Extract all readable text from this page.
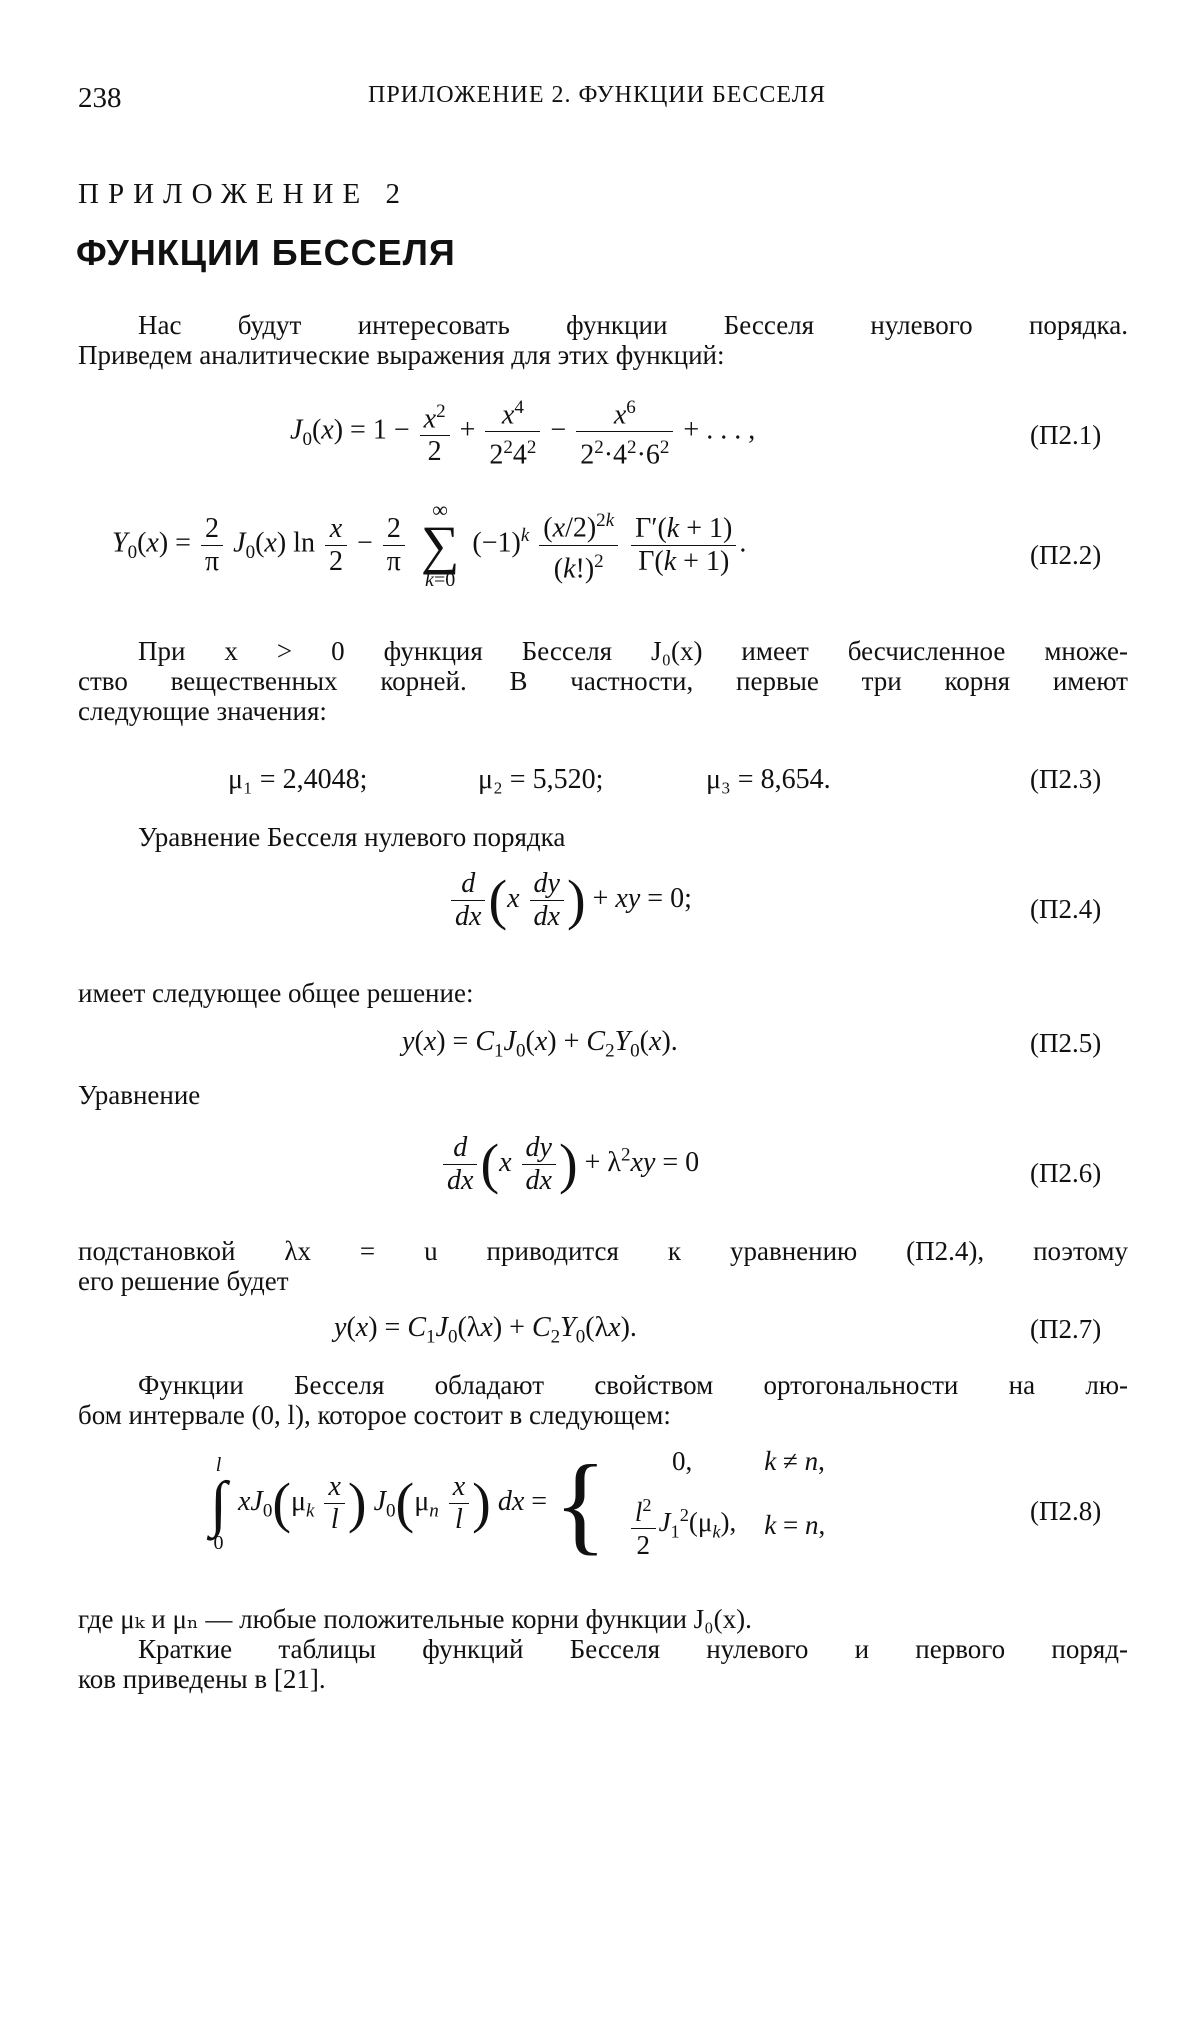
238	ПРИЛОЖЕНИЕ 2. ФУНКЦИИ БЕССЕЛЯ
ПРИЛОЖЕНИЕ 2
ФУНКЦИИ БЕССЕЛЯ
Нас будут интересовать функции Бесселя нулевого порядка.
Приведем аналитические выражения для этих функций:
$J_0(x) = 1 - \frac{x^2}{2} + \frac{x^4}{2^24^2} - \frac{x^6}{2^2\cdot 4^2\cdot 6^2}$ + . . . ,	(П2.1)
$Y_0(x) = \frac{2}{\pi} J_0(x)$ $\ln \frac{x}{2} - \frac{2}{\pi}$

∞
∑
k=0
$(-1)^k \frac{(x/2)^{2k}}{(k!)^2}$
$\frac{\Gamma'(k + 1)}{\Gamma(k + 1)}$ .	(П2.2)
При x > 0 функция Бесселя J₀(x) имеет бесчисленное множе-
ство вещественных корней. В частности, первые три корня имеют
следующие значения:
μ₁ = 2,4048;	μ₂ = 5,520;	μ₃ = 8,654.	(П2.3)
Уравнение Бесселя нулевого порядка
$\frac{d}{dx} (x \frac{dy}{dx}$ ) + xy = 0;	(П2.4)
имеет следующее общее решение:
$y(x) = C_1J_0(x) + C_2Y_0(x)$.	(П2.5)
Уравнение
$\frac{d}{dx} (x \frac{dy}{dx}$ ) + $\lambda^2xy = 0$	(П2.6)
подстановкой λx = u приводится к уравнению (П2.4), поэтому
его решение будет
$y(x) = C_1J_0(\lambda x) + C_2Y_0(\lambda x)$.	(П2.7)
Функции Бесселя обладают свойством ортогональности на лю-
бом интервале (0, l), которое состоит в следующем:
l
∫
0
$xJ_0(\mu_k \frac{x}{l}$ ) $J_0(\mu_n \frac{x}{l}$ ) dx = { 0,	k ≠ n,

$\frac{l^2}{2} J_1^2(\mu_k)$,	k = n,	(П2.8)
где μₖ и μₙ — любые положительные корни функции J₀(x).
Краткие таблицы функций Бесселя нулевого и первого поряд-
ков приведены в [21].
